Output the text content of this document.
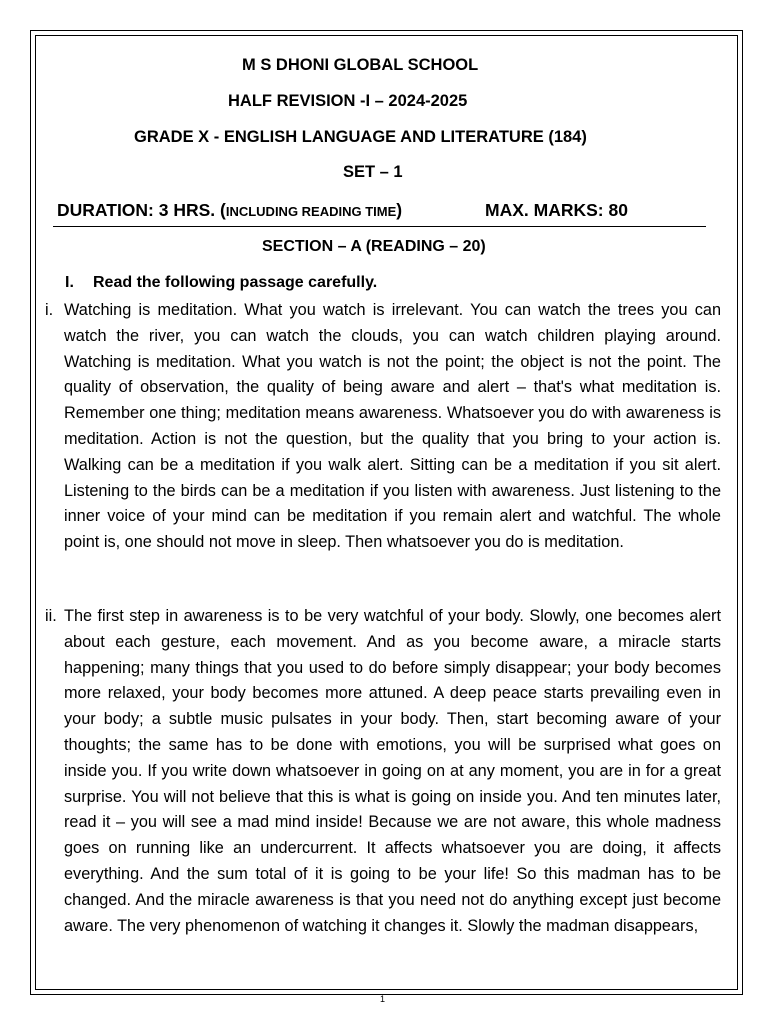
M S DHONI GLOBAL SCHOOL
HALF REVISION -I – 2024-2025
GRADE X - ENGLISH LANGUAGE AND LITERATURE (184)
SET – 1
DURATION: 3 HRS. (INCLUDING READING TIME)	MAX. MARKS: 80
SECTION – A (READING – 20)
I. Read the following passage carefully.
i. Watching is meditation. What you watch is irrelevant. You can watch the trees you can watch the river, you can watch the clouds, you can watch children playing around. Watching is meditation. What you watch is not the point; the object is not the point. The quality of observation, the quality of being aware and alert – that's what meditation is. Remember one thing; meditation means awareness. Whatsoever you do with awareness is meditation. Action is not the question, but the quality that you bring to your action is. Walking can be a meditation if you walk alert. Sitting can be a meditation if you sit alert. Listening to the birds can be a meditation if you listen with awareness. Just listening to the inner voice of your mind can be meditation if you remain alert and watchful. The whole point is, one should not move in sleep. Then whatsoever you do is meditation.
ii. The first step in awareness is to be very watchful of your body. Slowly, one becomes alert about each gesture, each movement. And as you become aware, a miracle starts happening; many things that you used to do before simply disappear; your body becomes more relaxed, your body becomes more attuned. A deep peace starts prevailing even in your body; a subtle music pulsates in your body. Then, start becoming aware of your thoughts; the same has to be done with emotions, you will be surprised what goes on inside you. If you write down whatsoever in going on at any moment, you are in for a great surprise. You will not believe that this is what is going on inside you. And ten minutes later, read it – you will see a mad mind inside! Because we are not aware, this whole madness goes on running like an undercurrent. It affects whatsoever you are doing, it affects everything. And the sum total of it is going to be your life! So this madman has to be changed. And the miracle awareness is that you need not do anything except just become aware. The very phenomenon of watching it changes it. Slowly the madman disappears,
1
